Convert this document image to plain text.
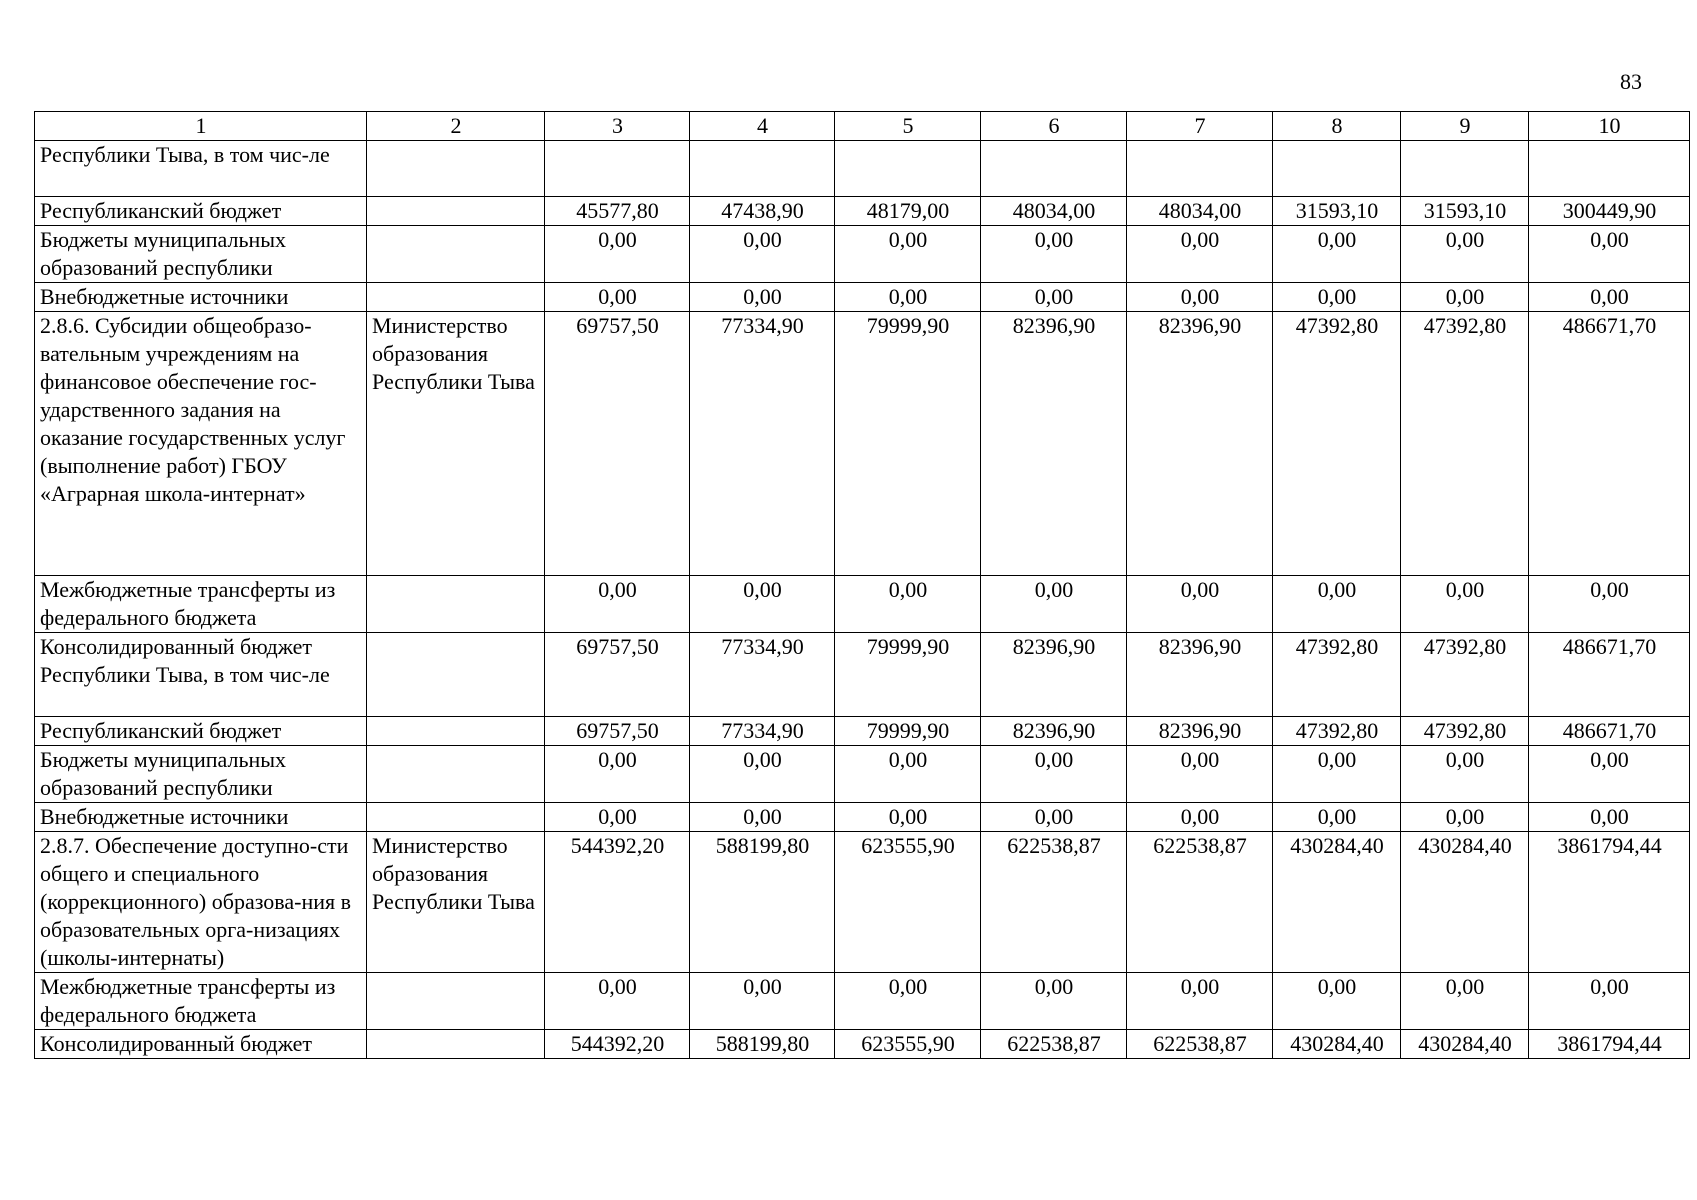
83
1	2	3	4	5	6	7	8	9	10
Республики Тыва, в том чис-ле									
Республиканский бюджет		45577,80	47438,90	48179,00	48034,00	48034,00	31593,10	31593,10	300449,90
Бюджеты муниципальных образований республики		0,00	0,00	0,00	0,00	0,00	0,00	0,00	0,00
Внебюджетные источники		0,00	0,00	0,00	0,00	0,00	0,00	0,00	0,00
2.8.6. Субсидии общеобразо-вательным учреждениям на финансовое обеспечение гос-ударственного задания на оказание государственных услуг (выполнение работ) ГБОУ «Аграрная школа-интернат»	Министерство образования Республики Тыва	69757,50	77334,90	79999,90	82396,90	82396,90	47392,80	47392,80	486671,70
Межбюджетные трансферты из федерального бюджета		0,00	0,00	0,00	0,00	0,00	0,00	0,00	0,00
Консолидированный бюджет Республики Тыва, в том чис-ле		69757,50	77334,90	79999,90	82396,90	82396,90	47392,80	47392,80	486671,70
Республиканский бюджет		69757,50	77334,90	79999,90	82396,90	82396,90	47392,80	47392,80	486671,70
Бюджеты муниципальных образований республики		0,00	0,00	0,00	0,00	0,00	0,00	0,00	0,00
Внебюджетные источники		0,00	0,00	0,00	0,00	0,00	0,00	0,00	0,00
2.8.7. Обеспечение доступно-сти общего и специального (коррекционного) образова-ния в образовательных орга-низациях (школы-интернаты)	Министерство образования Республики Тыва	544392,20	588199,80	623555,90	622538,87	622538,87	430284,40	430284,40	3861794,44
Межбюджетные трансферты из федерального бюджета		0,00	0,00	0,00	0,00	0,00	0,00	0,00	0,00
Консолидированный бюджет		544392,20	588199,80	623555,90	622538,87	622538,87	430284,40	430284,40	3861794,44
